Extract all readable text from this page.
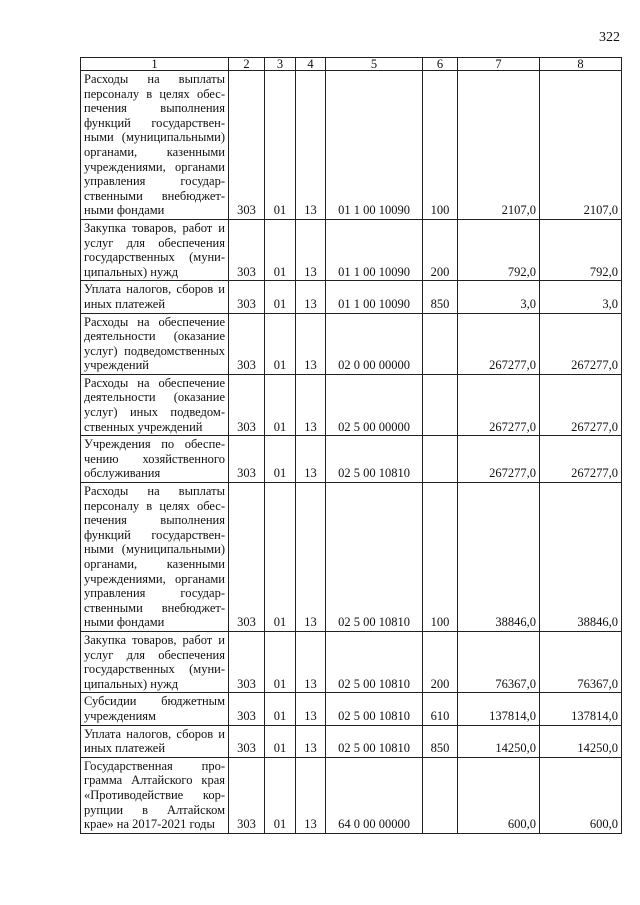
322
1	2	3	4	5	6	7	8
Расходы на выплаты персоналу в целях обеспечения выполнения функций государственными (муниципальными) органами, казенными учреждениями, органами управления государственными внебюджетными фондами	303	01	13	01 1 00 10090	100	2107,0	2107,0
Закупка товаров, работ и услуг для обеспечения государственных (муниципальных) нужд	303	01	13	01 1 00 10090	200	792,0	792,0
Уплата налогов, сборов и иных платежей	303	01	13	01 1 00 10090	850	3,0	3,0
Расходы на обеспечение деятельности (оказание услуг) подведомственных учреждений	303	01	13	02 0 00 00000		267277,0	267277,0
Расходы на обеспечение деятельности (оказание услуг) иных подведомственных учреждений	303	01	13	02 5 00 00000		267277,0	267277,0
Учреждения по обеспечению хозяйственного обслуживания	303	01	13	02 5 00 10810		267277,0	267277,0
Расходы на выплаты персоналу в целях обеспечения выполнения функций государственными (муниципальными) органами, казенными учреждениями, органами управления государственными внебюджетными фондами	303	01	13	02 5 00 10810	100	38846,0	38846,0
Закупка товаров, работ и услуг для обеспечения государственных (муниципальных) нужд	303	01	13	02 5 00 10810	200	76367,0	76367,0
Субсидии бюджетным учреждениям	303	01	13	02 5 00 10810	610	137814,0	137814,0
Уплата налогов, сборов и иных платежей	303	01	13	02 5 00 10810	850	14250,0	14250,0
Государственная программа Алтайского края «Противодействие коррупции в Алтайском крае» на 2017-2021 годы	303	01	13	64 0 00 00000		600,0	600,0
